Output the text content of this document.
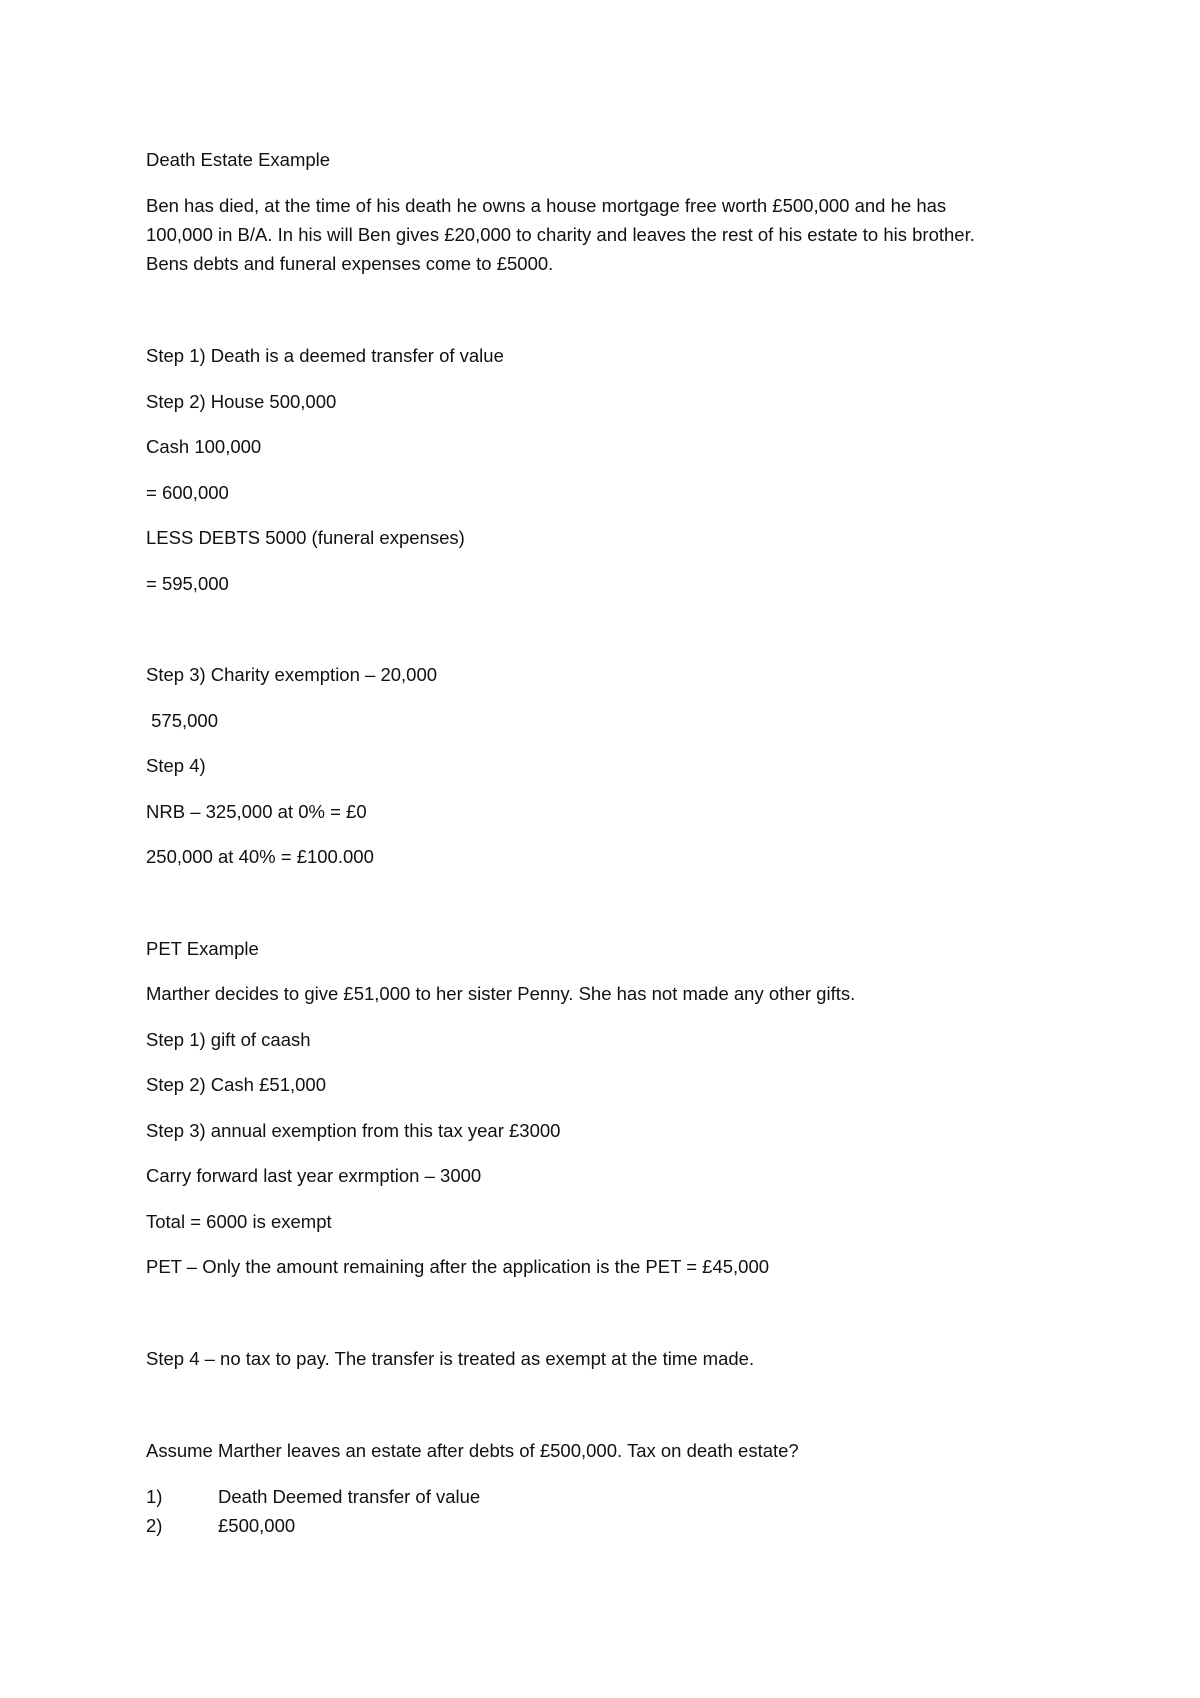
Death Estate Example
Ben has died, at the time of his death he owns a house mortgage free worth £500,000 and he has
100,000 in B/A. In his will Ben gives £20,000 to charity and leaves the rest of his estate to his brother.
Bens debts and funeral expenses come to £5000.
Step 1) Death is a deemed transfer of value
Step 2) House 500,000
Cash 100,000
= 600,000
LESS DEBTS 5000 (funeral expenses)
= 595,000
Step 3) Charity exemption – 20,000
575,000
Step 4)
NRB – 325,000 at 0% = £0
250,000 at 40% = £100.000
PET Example
Marther decides to give £51,000 to her sister Penny. She has not made any other gifts.
Step 1) gift of caash
Step 2) Cash £51,000
Step 3) annual exemption from this tax year £3000
Carry forward last year exrmption – 3000
Total = 6000 is exempt
PET – Only the amount remaining after the application is the PET = £45,000
Step 4 – no tax to pay. The transfer is treated as exempt at the time made.
Assume Marther leaves an estate after debts of £500,000. Tax on death estate?
1)	Death Deemed transfer of value
2)	£500,000
